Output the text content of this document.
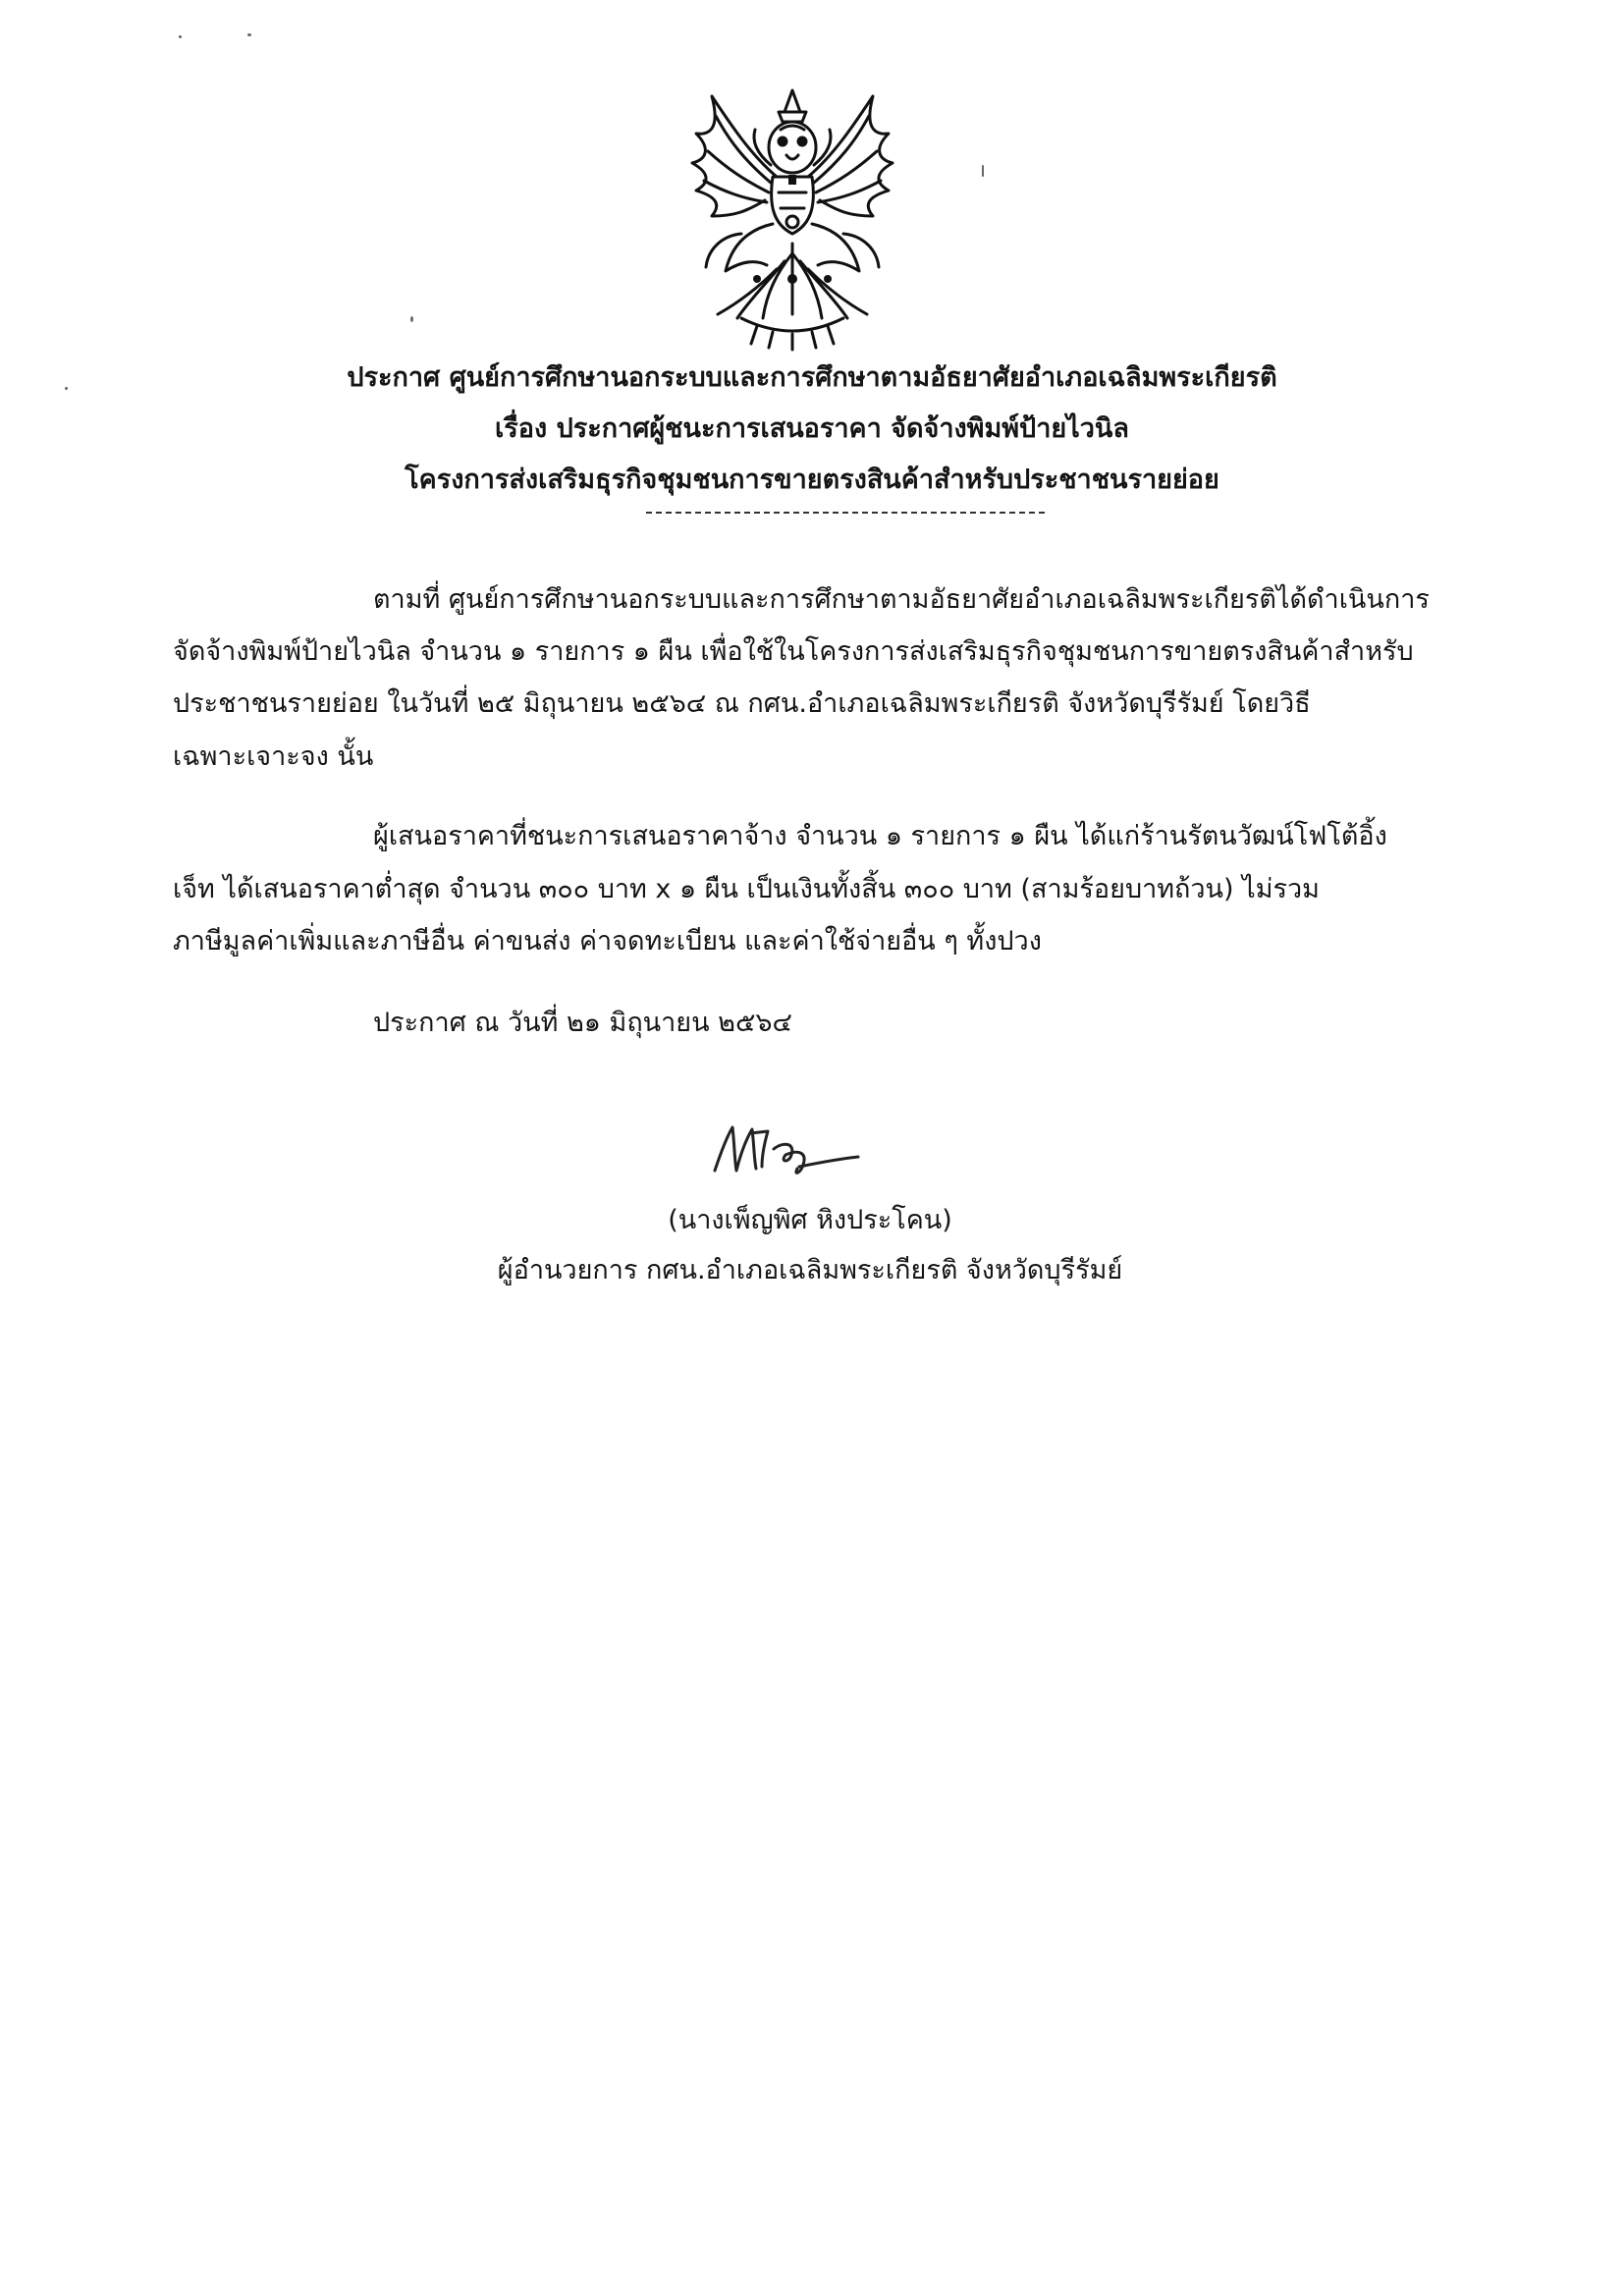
ประกาศ ศูนย์การศึกษานอกระบบและการศึกษาตามอัธยาศัยอำเภอเฉลิมพระเกียรติ
เรื่อง ประกาศผู้ชนะการเสนอราคา จัดจ้างพิมพ์ป้ายไวนิล
โครงการส่งเสริมธุรกิจชุมชนการขายตรงสินค้าสำหรับประชาชนรายย่อย
ตามที่ ศูนย์การศึกษานอกระบบและการศึกษาตามอัธยาศัยอำเภอเฉลิมพระเกียรติได้ดำเนินการ
จัดจ้างพิมพ์ป้ายไวนิล จำนวน ๑ รายการ ๑ ผืน เพื่อใช้ในโครงการส่งเสริมธุรกิจชุมชนการขายตรงสินค้าสำหรับ
ประชาชนรายย่อย ในวันที่ ๒๕ มิถุนายน ๒๕๖๔ ณ กศน.อำเภอเฉลิมพระเกียรติ จังหวัดบุรีรัมย์ โดยวิธี
เฉพาะเจาะจง นั้น
ผู้เสนอราคาที่ชนะการเสนอราคาจ้าง จำนวน ๑ รายการ ๑ ผืน ได้แก่ร้านรัตนวัฒน์โฟโต้อิ้ง
เจ็ท ได้เสนอราคาต่ำสุด จำนวน ๓๐๐ บาท x ๑ ผืน เป็นเงินทั้งสิ้น ๓๐๐ บาท (สามร้อยบาทถ้วน) ไม่รวม
ภาษีมูลค่าเพิ่มและภาษีอื่น ค่าขนส่ง ค่าจดทะเบียน และค่าใช้จ่ายอื่น ๆ ทั้งปวง
ประกาศ ณ วันที่ ๒๑ มิถุนายน ๒๕๖๔
(นางเพ็ญพิศ หิงประโคน)
ผู้อำนวยการ กศน.อำเภอเฉลิมพระเกียรติ จังหวัดบุรีรัมย์
